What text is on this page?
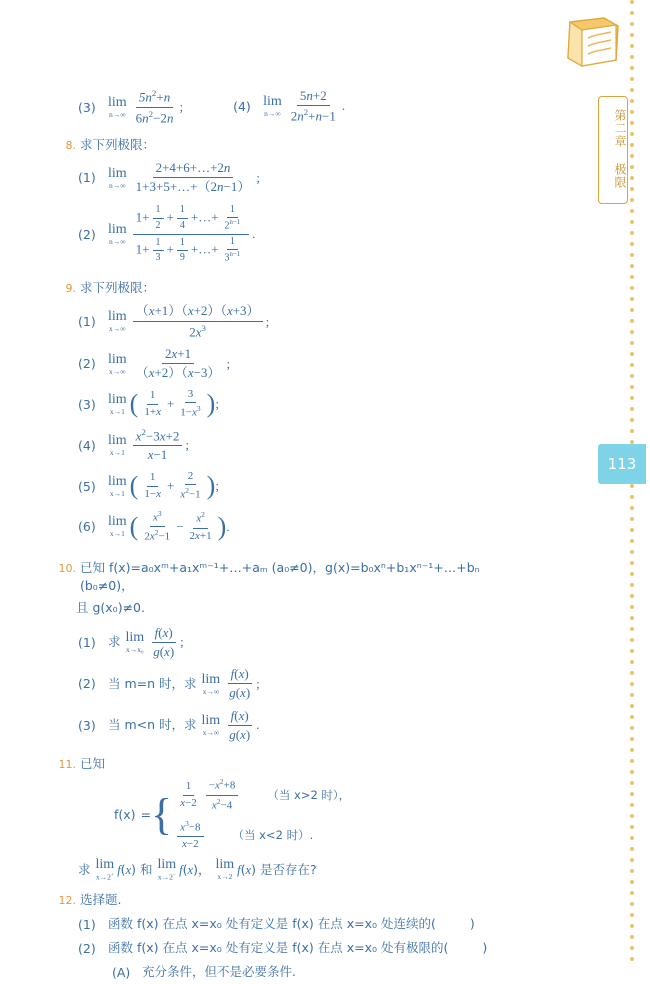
第二章 极限
113
(3) lim
$n\to\infty \frac{5n^2+n}{6n^2-2n}$ ;	(4) lim
$n\to\infty \frac{5n+2}{2n^2+n-1}$ .
8. 求下列极限：
(1) lim
$n\to\infty \frac{2+4+6+\dots+2n}{1+3+5+\dots+(2n-1)}$ ;
(2) lim
$n\to\infty \frac{1+ \frac{1}{2} + \frac{1}{4} +\dots+ \frac{1}{2^{n-1}}}{1+ \frac{1}{3} + \frac{1}{9} +\dots+ \frac{1}{3^{n-1}}}$ .
9. 求下列极限：
(1) lim
$x\to\infty \frac{(x+1)(x+2)(x+3)}{2x^3}$ ;
(2) lim
$x\to\infty \frac{2x+1}{(x+2)(x-3)}$ ;
(3) lim
x→1 ( $\frac{1}{1+x} + \frac{3}{1-x^3}$ ) ;
(4) lim
$x\to 1 \frac{x^2-3x+2}{x-1}$ ;
(5) lim
x→1 ( $\frac{1}{1-x} + \frac{2}{x^2-1}$ ) ;
(6) lim
x→1 ( $\frac{x^3}{2x^2-1} - \frac{x^2}{2x+1}$ ) .
10. 已知 f(x)=a₀xᵐ+a₁xᵐ⁻¹+…+aₘ (a₀≠0)，g(x)=b₀xⁿ+b₁xⁿ⁻¹+…+bₙ (b₀≠0)，
且 g(x₀)≠0.
(1) 求 lim
$x\to x_0 \frac{f(x)}{g(x)}$ ;
(2) 当 m=n 时，求 lim
$x\to\infty \frac{f(x)}{g(x)}$ ;
(3) 当 m<n 时，求 lim
$x\to\infty \frac{f(x)}{g(x)}$ .
11. 已知
f(x) = { $\frac{1}{x-2} \frac{-x^2+8}{x^2-4}$	（当 x>2 时），
$\frac{x^3-8}{x-2}$	（当 x<2 时）.
求 lim
x→2+ f(x) 和 lim
x→2− f(x)， lim
x→2
f(x) 是否存在?
12. 选择题.
(1) 函数 f(x) 在点 x=x₀ 处有定义是 f(x) 在点 x=x₀ 处连续的(	)
(2) 函数 f(x) 在点 x=x₀ 处有定义是 f(x) 在点 x=x₀ 处有极限的(	)
(A) 充分条件，但不是必要条件.
